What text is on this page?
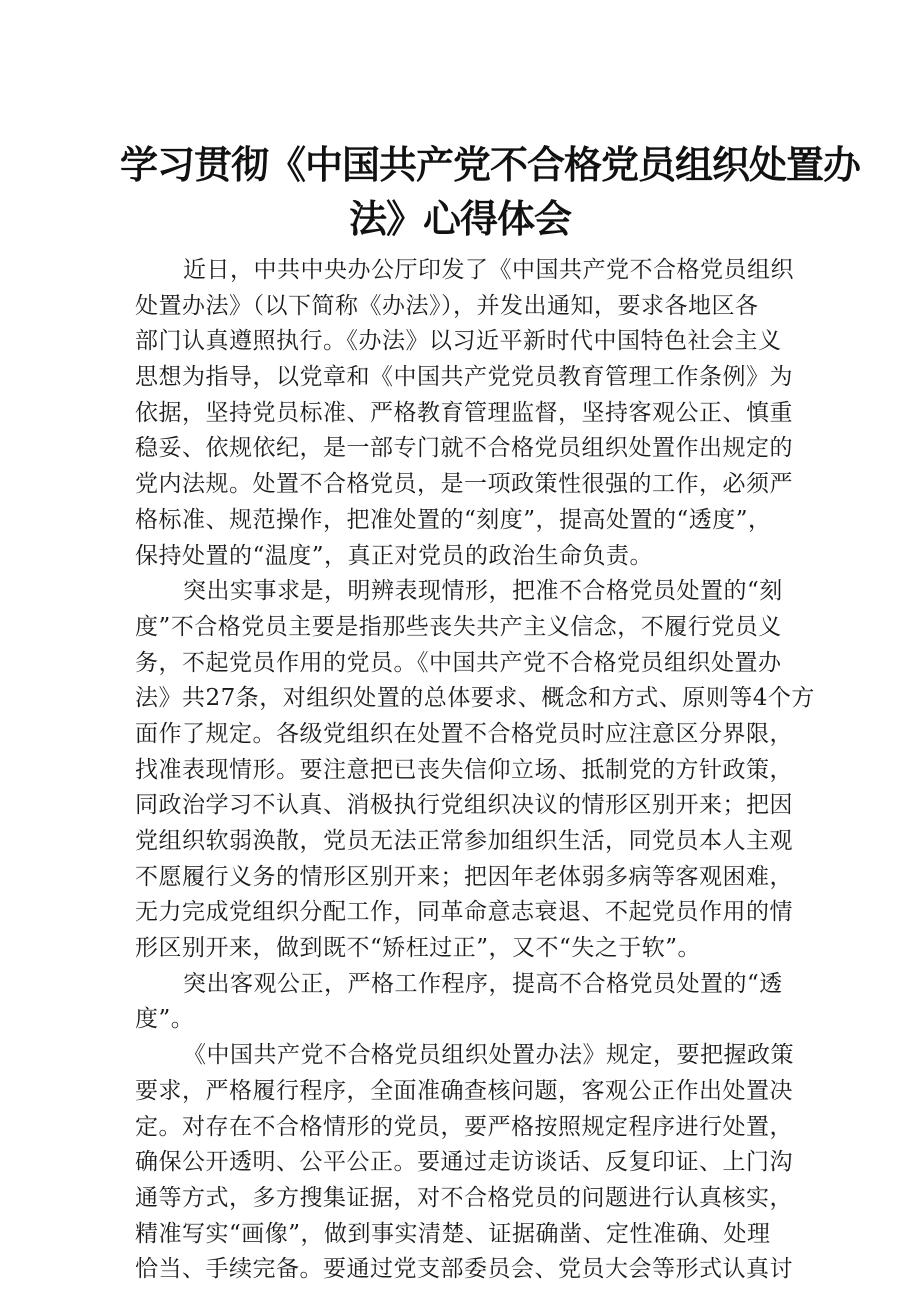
学习贯彻《中国共产党不合格党员组织处置办
法》心得体会

近日，中共中央办公厅印发了《中国共产党不合格党员组织
处置办法》（以下简称《办法》），并发出通知，要求各地区各
部门认真遵照执行。《办法》以习近平新时代中国特色社会主义
思想为指导，以党章和《中国共产党党员教育管理工作条例》为
依据，坚持党员标准、严格教育管理监督，坚持客观公正、慎重
稳妥、依规依纪，是一部专门就不合格党员组织处置作出规定的
党内法规。处置不合格党员，是一项政策性很强的工作，必须严
格标准、规范操作，把准处置的“刻度”，提高处置的“透度”，
保持处置的“温度”，真正对党员的政治生命负责。

突出实事求是，明辨表现情形，把准不合格党员处置的“刻
度”不合格党员主要是指那些丧失共产主义信念，不履行党员义
务，不起党员作用的党员。《中国共产党不合格党员组织处置办
法》共27条，对组织处置的总体要求、概念和方式、原则等4个方
面作了规定。各级党组织在处置不合格党员时应注意区分界限，
找准表现情形。要注意把已丧失信仰立场、抵制党的方针政策，
同政治学习不认真、消极执行党组织决议的情形区别开来；把因
党组织软弱涣散，党员无法正常参加组织生活，同党员本人主观
不愿履行义务的情形区别开来；把因年老体弱多病等客观困难，
无力完成党组织分配工作，同革命意志衰退、不起党员作用的情
形区别开来，做到既不“矫枉过正”，又不“失之于软”。

突出客观公正，严格工作程序，提高不合格党员处置的“透
度”。

《中国共产党不合格党员组织处置办法》规定，要把握政策
要求，严格履行程序，全面准确查核问题，客观公正作出处置决
定。对存在不合格情形的党员，要严格按照规定程序进行处置，
确保公开透明、公平公正。要通过走访谈话、反复印证、上门沟
通等方式，多方搜集证据，对不合格党员的问题进行认真核实，
精准写实“画像”，做到事实清楚、证据确凿、定性准确、处理
恰当、手续完备。要通过党支部委员会、党员大会等形式认真讨
